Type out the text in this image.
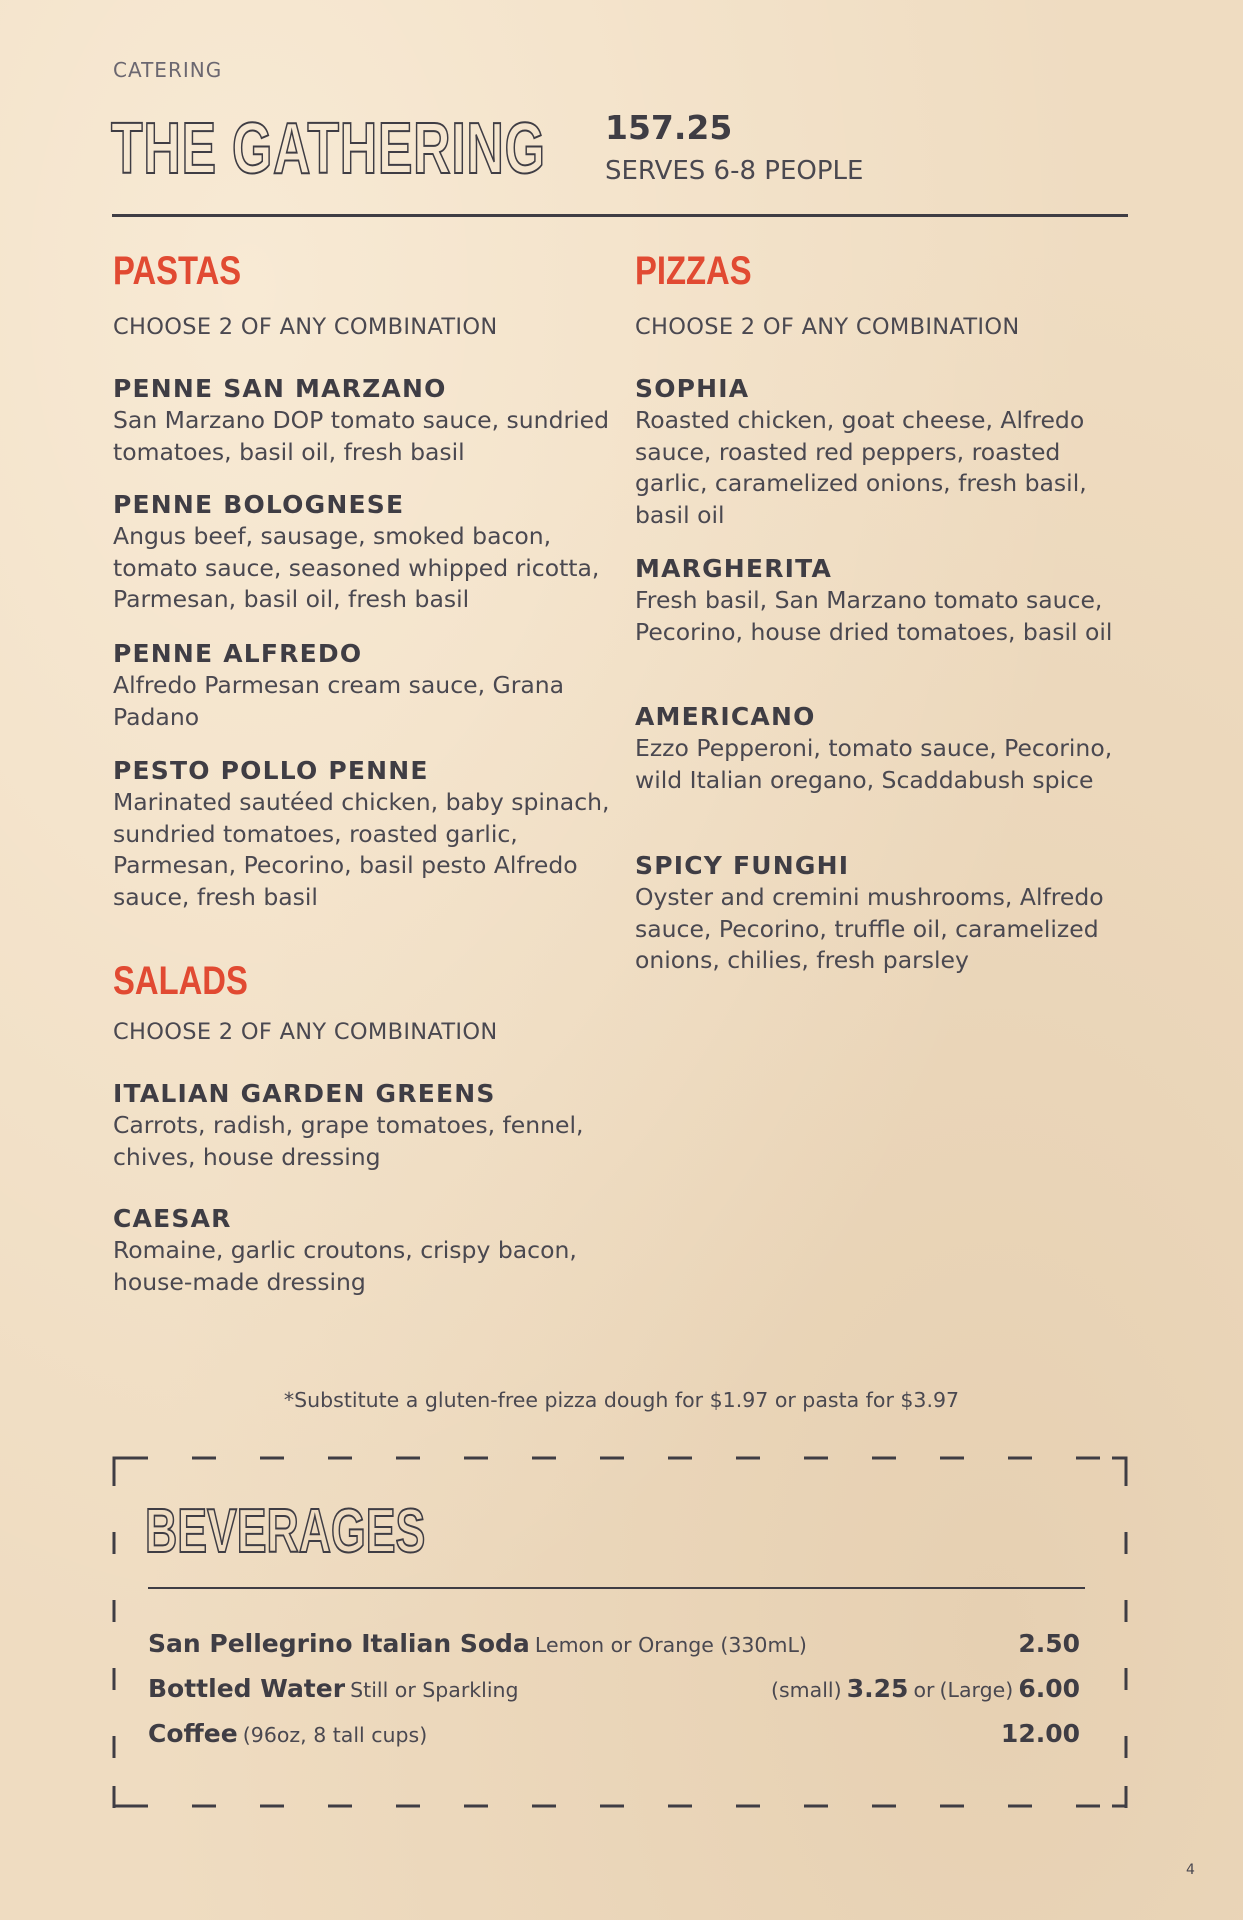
CATERING
THE GATHERING 157.25
SERVES 6-8 PEOPLE
PASTAS
CHOOSE 2 OF ANY COMBINATION
PENNE SAN MARZANO
San Marzano DOP tomato sauce, sundried tomatoes, basil oil, fresh basil
PENNE BOLOGNESE
Angus beef, sausage, smoked bacon, tomato sauce, seasoned whipped ricotta, Parmesan, basil oil, fresh basil
PENNE ALFREDO
Alfredo Parmesan cream sauce, Grana Padano
PESTO POLLO PENNE
Marinated sautéed chicken, baby spinach, sundried tomatoes, roasted garlic, Parmesan, Pecorino, basil pesto Alfredo sauce, fresh basil
SALADS
CHOOSE 2 OF ANY COMBINATION
ITALIAN GARDEN GREENS
Carrots, radish, grape tomatoes, fennel, chives, house dressing
CAESAR
Romaine, garlic croutons, crispy bacon, house-made dressing
PIZZAS
CHOOSE 2 OF ANY COMBINATION
SOPHIA
Roasted chicken, goat cheese, Alfredo sauce, roasted red peppers, roasted garlic, caramelized onions, fresh basil, basil oil
MARGHERITA
Fresh basil, San Marzano tomato sauce, Pecorino, house dried tomatoes, basil oil
AMERICANO
Ezzo Pepperoni, tomato sauce, Pecorino, wild Italian oregano, Scaddabush spice
SPICY FUNGHI
Oyster and cremini mushrooms, Alfredo sauce, Pecorino, truffle oil, caramelized onions, chilies, fresh parsley
*Substitute a gluten-free pizza dough for $1.97 or pasta for $3.97
BEVERAGES
San Pellegrino Italian Soda Lemon or Orange (330mL)	2.50
Bottled Water Still or Sparkling	(small) 3.25 or (Large) 6.00
Coffee (96oz, 8 tall cups)	12.00
4
